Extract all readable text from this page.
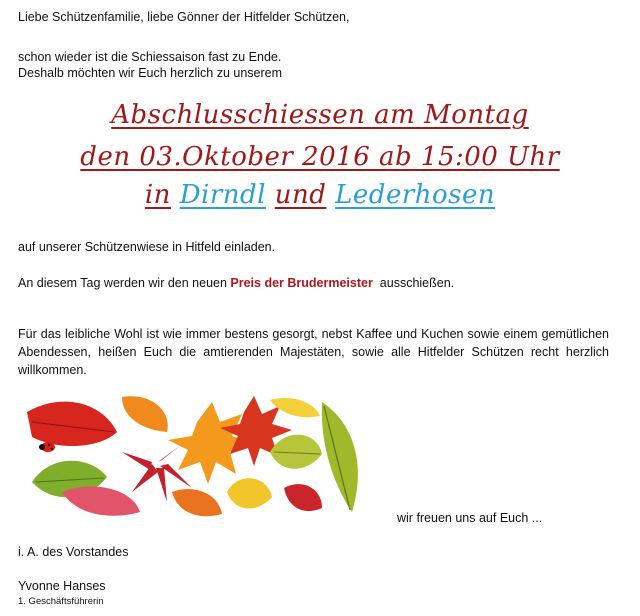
Liebe Schützenfamilie, liebe Gönner der Hitfelder Schützen,
schon wieder ist die Schiessaison fast zu Ende.
Deshalb möchten wir Euch herzlich zu unserem
Abschlusschiessen am Montag
den 03.Oktober 2016 ab 15:00 Uhr
in Dirndl und Lederhosen
auf unserer Schützenwiese in Hitfeld einladen.
An diesem Tag werden wir den neuen Preis der Brudermeister  ausschießen.
Für das leibliche Wohl ist wie immer bestens gesorgt, nebst Kaffee und Kuchen sowie einem gemütlichen Abendessen, heißen Euch die amtierenden Majestäten, sowie alle Hitfelder Schützen recht herzlich willkommen.
wir freuen uns auf Euch ...
i. A. des Vorstandes
Yvonne Hanses
1. Geschäftsführerin
